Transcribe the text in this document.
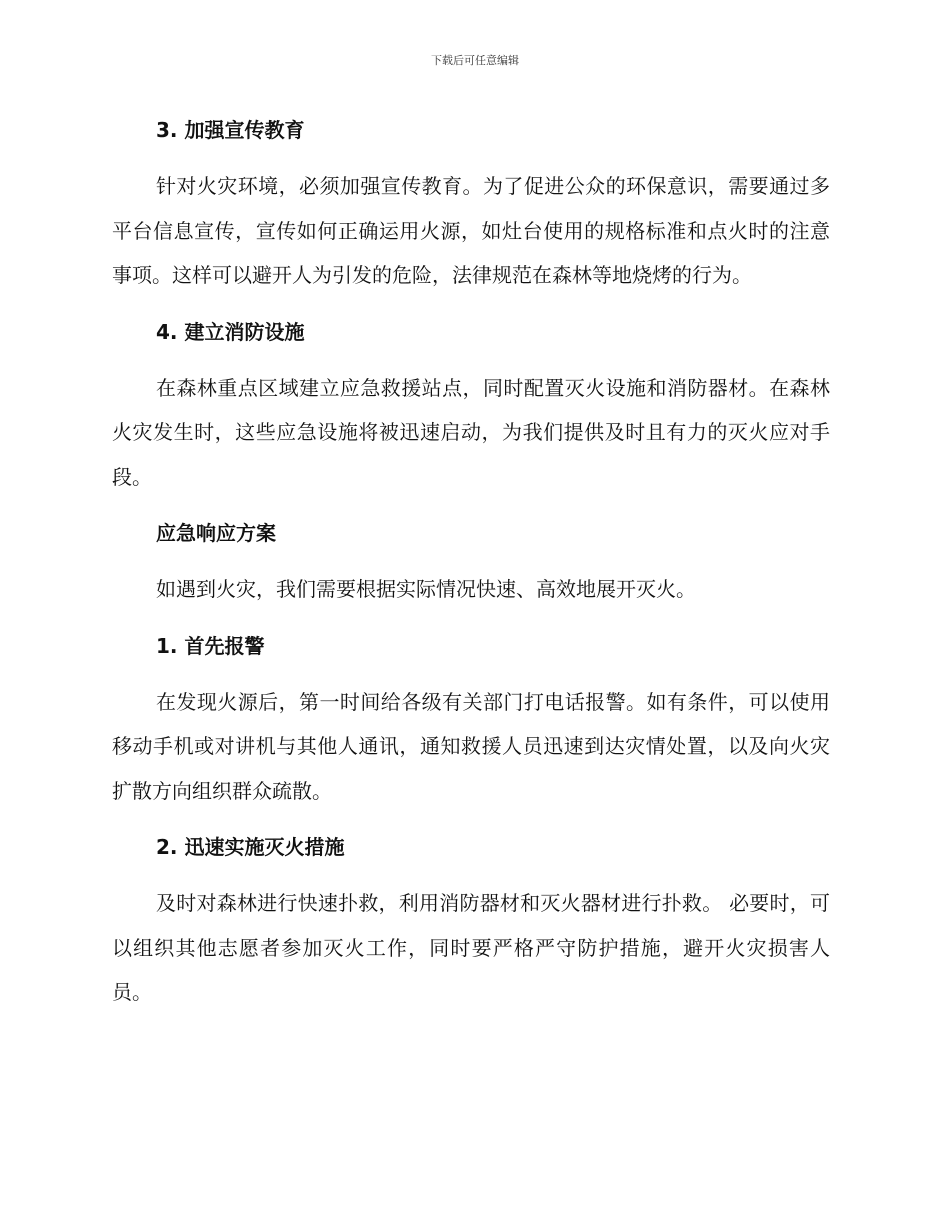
下载后可任意编辑
3. 加强宣传教育

针对火灾环境，必须加强宣传教育。为了促进公众的环保意识，需要通过多平台信息宣传，宣传如何正确运用火源，如灶台使用的规格标准和点火时的注意事项。这样可以避开人为引发的危险，法律规范在森林等地烧烤的行为。

4. 建立消防设施

在森林重点区域建立应急救援站点，同时配置灭火设施和消防器材。在森林火灾发生时，这些应急设施将被迅速启动，为我们提供及时且有力的灭火应对手段。

应急响应方案

如遇到火灾，我们需要根据实际情况快速、高效地展开灭火。

1. 首先报警

在发现火源后，第一时间给各级有关部门打电话报警。如有条件，可以使用移动手机或对讲机与其他人通讯，通知救援人员迅速到达灾情处置，以及向火灾扩散方向组织群众疏散。

2. 迅速实施灭火措施

及时对森林进行快速扑救，利用消防器材和灭火器材进行扑救。 必要时，可以组织其他志愿者参加灭火工作，同时要严格严守防护措施，避开火灾损害人员。
